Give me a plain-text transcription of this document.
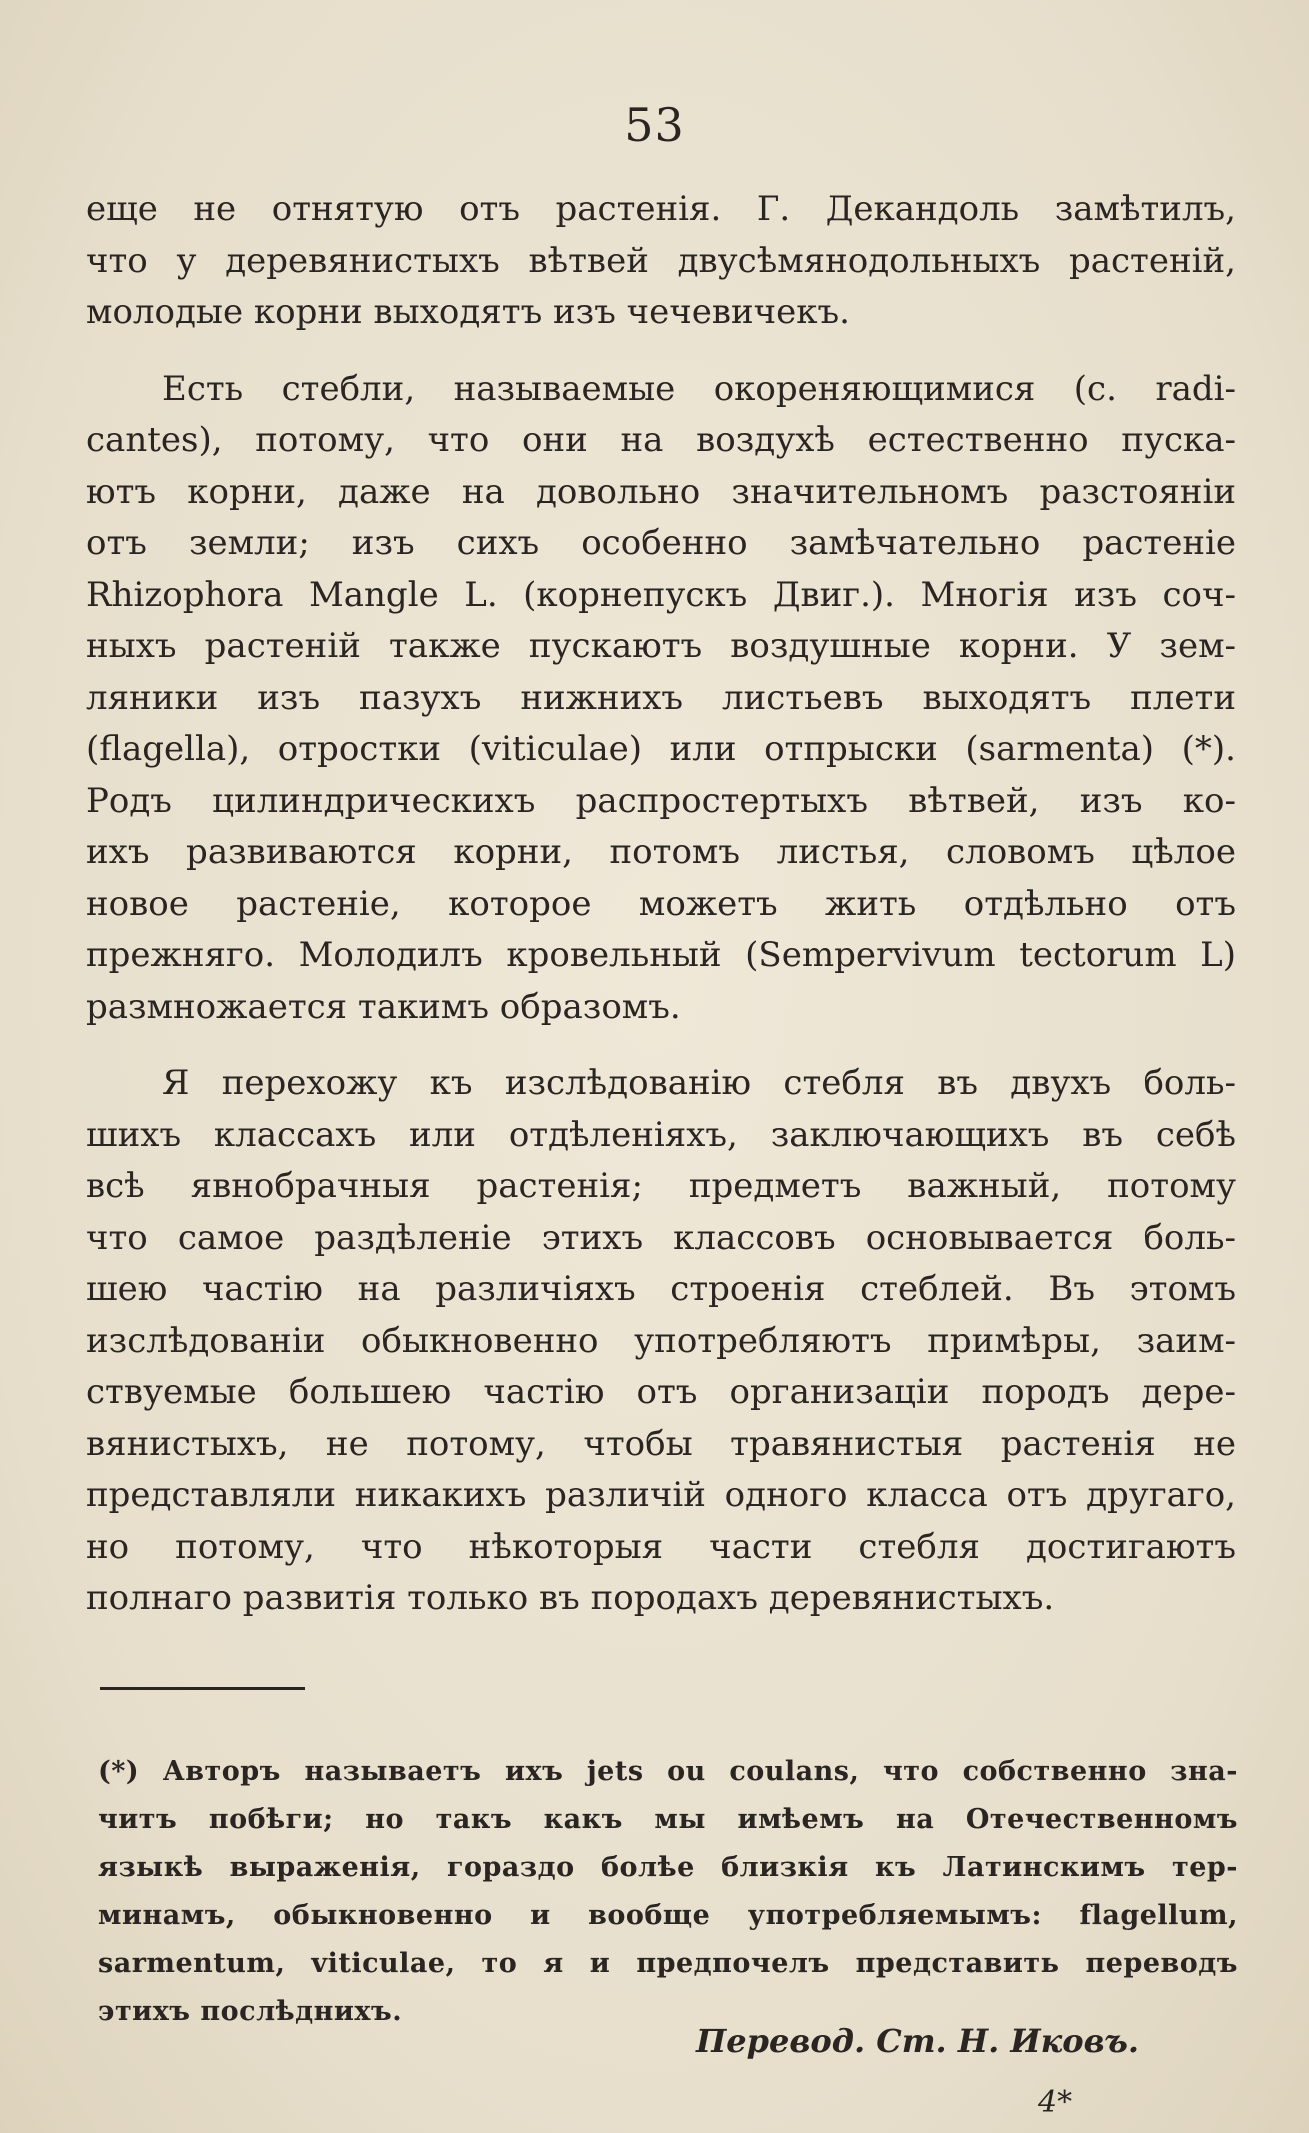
53
еще не отнятую отъ растенія. Г. Декандоль замѣтилъ,
что у деревянистыхъ вѣтвей двусѣмянодольныхъ растеній,
молодые корни выходятъ изъ чечевичекъ.
Есть стебли, называемые окореняющимися (c. radi-
cantes), потому, что они на воздухѣ естественно пуска-
ютъ корни, даже на довольно значительномъ разстояніи
отъ земли; изъ сихъ особенно замѣчательно растеніе
Rhizophora Mangle L. (корнепускъ Двиг.). Многія изъ соч-
ныхъ растеній также пускаютъ воздушные корни. У зем-
ляники изъ пазухъ нижнихъ листьевъ выходятъ плети
(flagella), отростки (viticulae) или отпрыски (sarmenta) (*).
Родъ цилиндрическихъ распростертыхъ вѣтвей, изъ ко-
ихъ развиваются корни, потомъ листья, словомъ цѣлое
новое растеніе, которое можетъ жить отдѣльно отъ
прежняго. Молодилъ кровельный (Sempervivum tectorum L)
размножается такимъ образомъ.
Я перехожу къ изслѣдованію стебля въ двухъ боль-
шихъ классахъ или отдѣленіяхъ, заключающихъ въ себѣ
всѣ явнобрачныя растенія; предметъ важный, потому
что самое раздѣленіе этихъ классовъ основывается боль-
шею частію на различіяхъ строенія стеблей. Въ этомъ
изслѣдованіи обыкновенно употребляютъ примѣры, заим-
ствуемые большею частію отъ организаціи породъ дере-
вянистыхъ, не потому, чтобы травянистыя растенія не
представляли никакихъ различій одного класса отъ другаго,
но потому, что нѣкоторыя части стебля достигаютъ
полнаго развитія только въ породахъ деревянистыхъ.
(*) Авторъ называетъ ихъ jets ou coulans, что собственно зна-
читъ побѣги; но такъ какъ мы имѣемъ на Отечественномъ
языкѣ выраженія, гораздо болѣе близкія къ Латинскимъ тер-
минамъ, обыкновенно и вообще употребляемымъ: flagellum,
sarmentum, viticulae, то я и предпочелъ представить переводъ
этихъ послѣднихъ.
Перевод. Ст. Н. Иковъ.
4*
